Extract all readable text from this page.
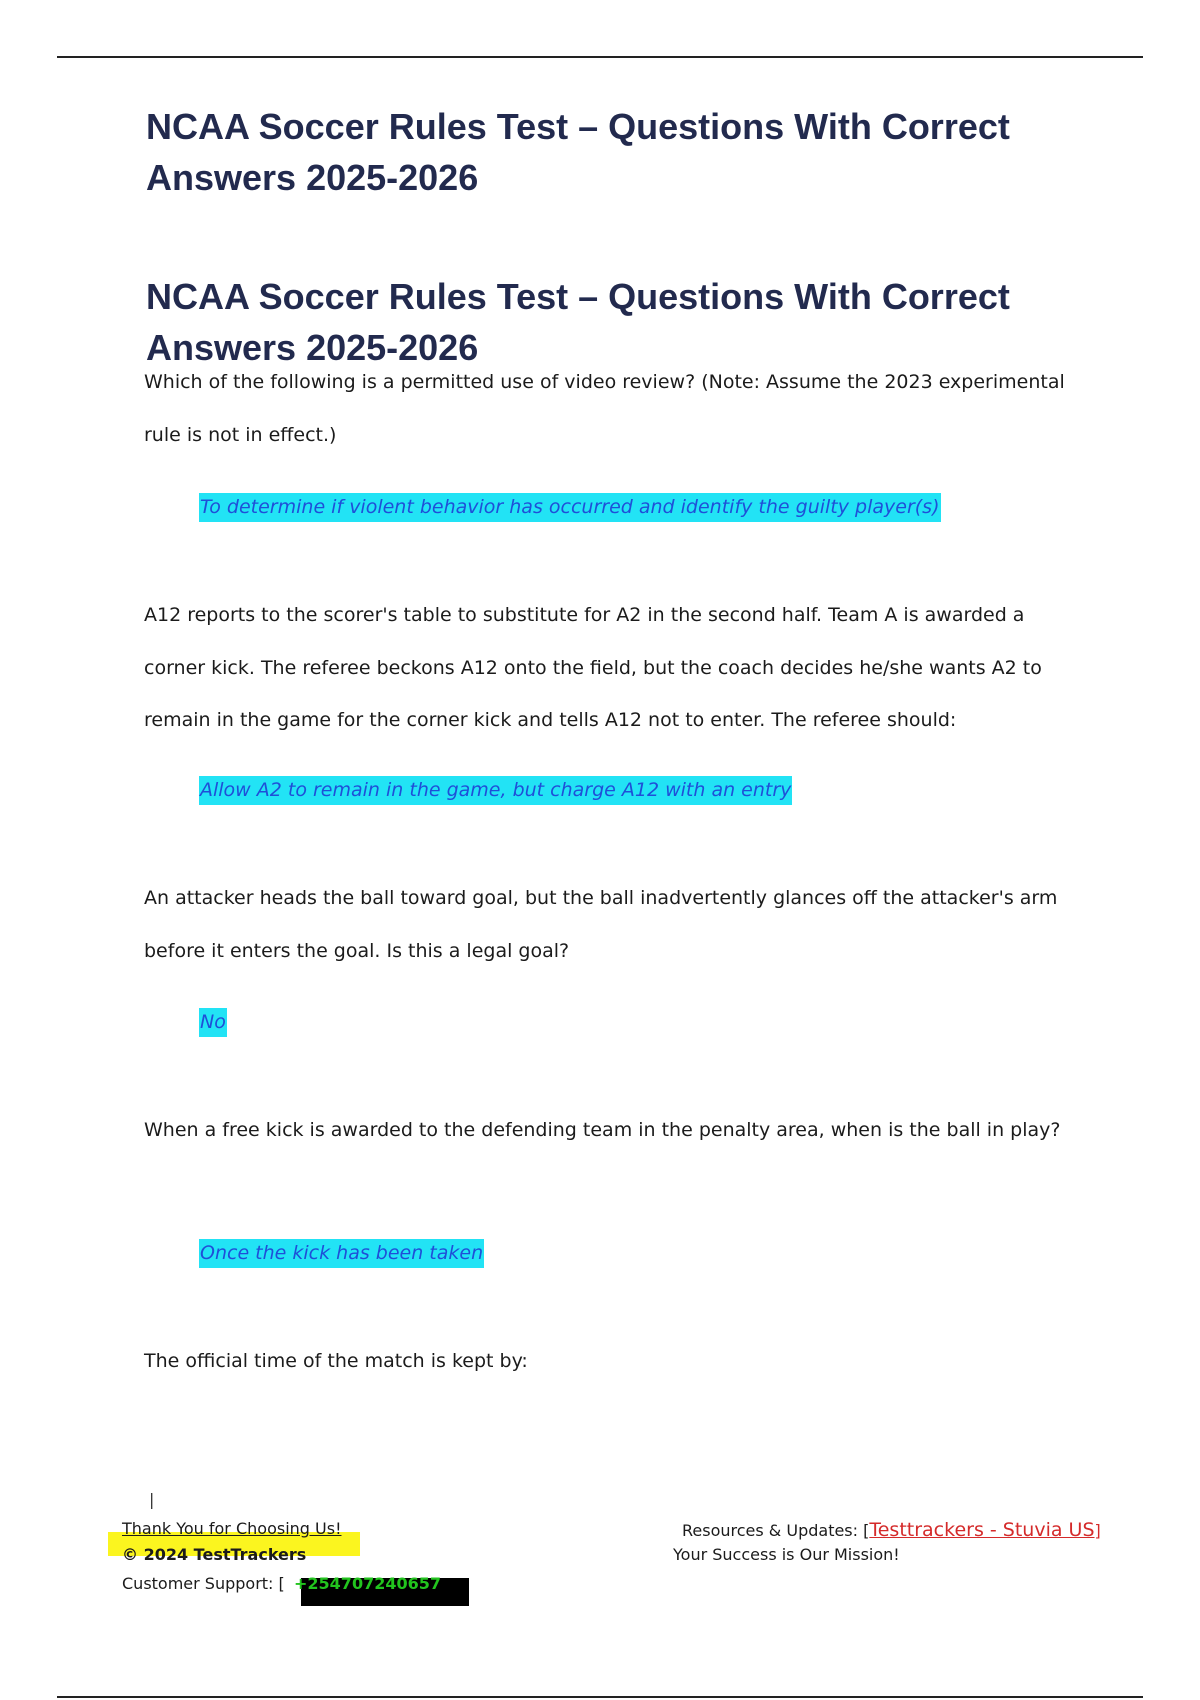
NCAA Soccer Rules Test – Questions With Correct Answers 2025-2026
NCAA Soccer Rules Test – Questions With Correct Answers 2025-2026

Which of the following is a permitted use of video review? (Note: Assume the 2023 experimental rule is not in effect.)

To determine if violent behavior has occurred and identify the guilty player(s)

A12 reports to the scorer's table to substitute for A2 in the second half. Team A is awarded a corner kick. The referee beckons A12 onto the field, but the coach decides he/she wants A2 to remain in the game for the corner kick and tells A12 not to enter. The referee should:

Allow A2 to remain in the game, but charge A12 with an entry

An attacker heads the ball toward goal, but the ball inadvertently glances off the attacker's arm before it enters the goal. Is this a legal goal?

No

When a free kick is awarded to the defending team in the penalty area, when is the ball in play?

Once the kick has been taken

The official time of the match is kept by:

|
Thank You for Choosing Us!
© 2024 TestTrackers
Customer Support: [ +254707240657
Resources & Updates: [Testtrackers - Stuvia US]
Your Success is Our Mission!
